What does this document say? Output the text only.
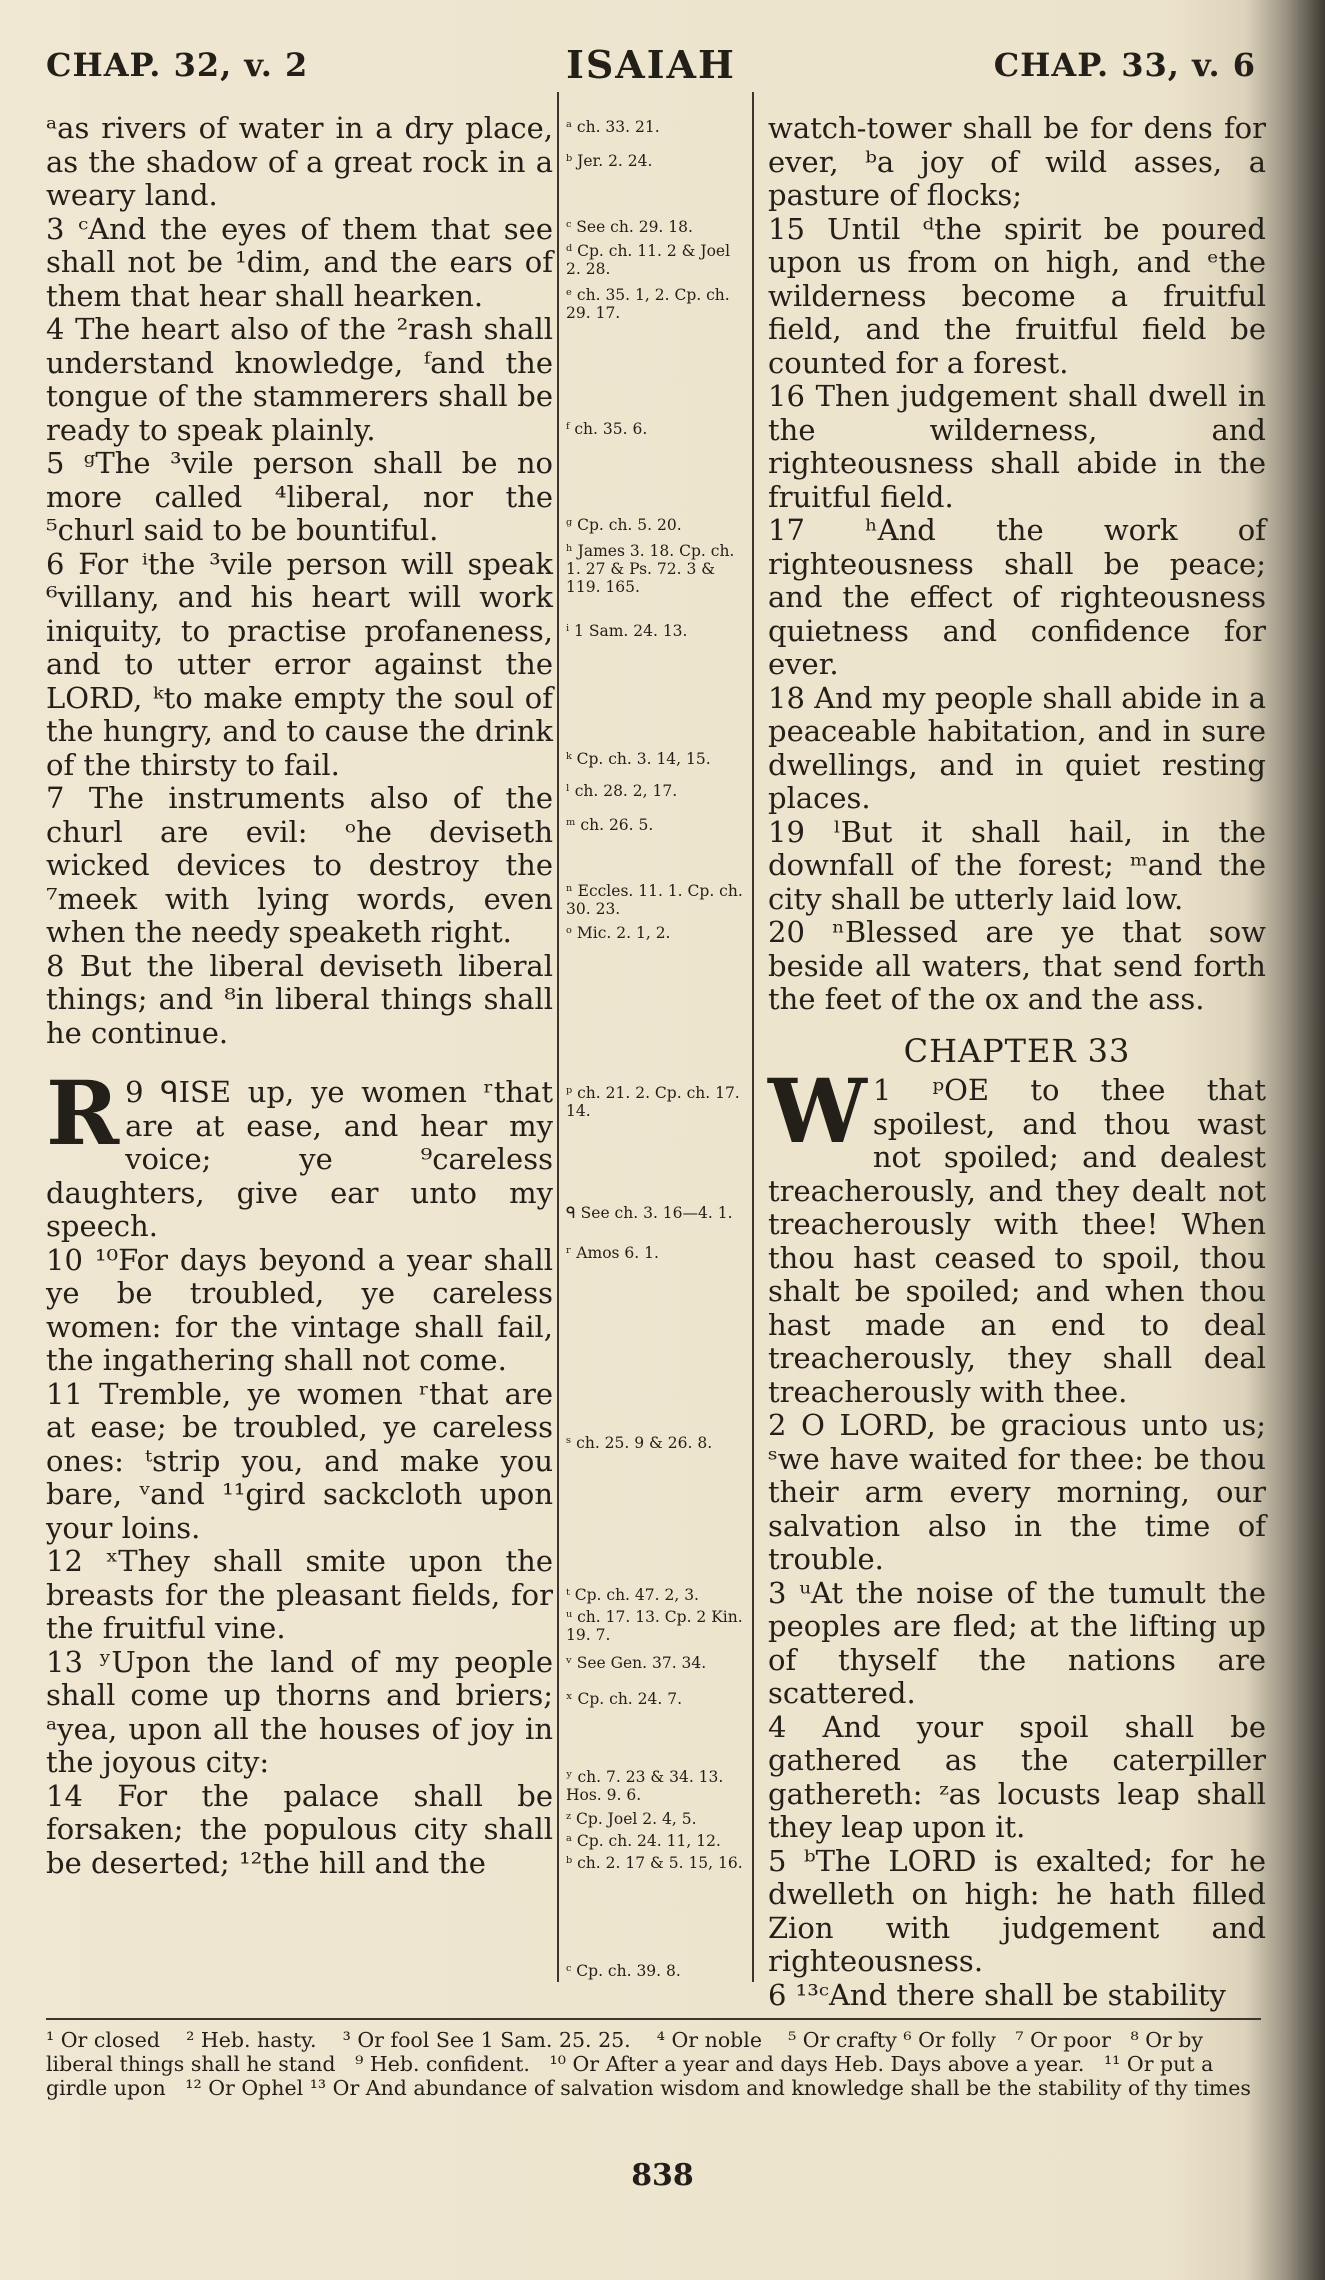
CHAP. 32, v. 2	ISAIAH	CHAP. 33, v. 6

ᵃas rivers of water in a dry place, as the shadow of a great rock in a weary land.

3 ᶜAnd the eyes of them that see shall not be ¹dim, and the ears of them that hear shall hearken.

4 The heart also of the ²rash shall understand knowledge, ᶠand the tongue of the stammerers shall be ready to speak plainly.

5 ᵍThe ³vile person shall be no more called ⁴liberal, nor the ⁵churl said to be bountiful.

6 For ⁱthe ³vile person will speak ⁶villany, and his heart will work iniquity, to practise profaneness, and to utter error against the LORD, ᵏto make empty the soul of the hungry, and to cause the drink of the thirsty to fail.

7 The instruments also of the churl are evil: ᵒhe deviseth wicked devices to destroy the ⁷meek with lying words, even when the needy speaketh right.

8 But the liberal deviseth liberal things; and ⁸in liberal things shall he continue.

9 ᑫ
R ISE up, ye women ʳthat are at ease, and hear my voice; ye ⁹careless daughters, give ear unto my speech.

10 ¹⁰For days beyond a year shall ye be troubled, ye careless women: for the vintage shall fail, the ingathering shall not come.

11 Tremble, ye women ʳthat are at ease; be troubled, ye careless ones: ᵗstrip you, and make you bare, ᵛand ¹¹gird sackcloth upon your loins.

12 ˣThey shall smite upon the breasts for the pleasant fields, for the fruitful vine.

13 ʸUpon the land of my people shall come up thorns and briers; ᵃyea, upon all the houses of joy in the joyous city:

14 For the palace shall be forsaken; the populous city shall be deserted; ¹²the hill and the

ᵃ ch. 33. 21.
ᵇ Jer. 2. 24.
ᶜ See ch. 29. 18.
ᵈ Cp. ch. 11. 2 & Joel 2. 28.
ᵉ ch. 35. 1, 2. Cp. ch. 29. 17.
ᶠ ch. 35. 6.
ᵍ Cp. ch. 5. 20.
ʰ James 3. 18. Cp. ch. 1. 27 & Ps. 72. 3 & 119. 165.
ⁱ 1 Sam. 24. 13.
ᵏ Cp. ch. 3. 14, 15.
ˡ ch. 28. 2, 17.
ᵐ ch. 26. 5.
ⁿ Eccles. 11. 1. Cp. ch. 30. 23.
ᵒ Mic. 2. 1, 2.
ᵖ ch. 21. 2. Cp. ch. 17. 14.
ᑫ See ch. 3. 16—4. 1.
ʳ Amos 6. 1.
ˢ ch. 25. 9 & 26. 8.
ᵗ Cp. ch. 47. 2, 3.
ᵘ ch. 17. 13. Cp. 2 Kin. 19. 7.
ᵛ See Gen. 37. 34.
ˣ Cp. ch. 24. 7.
ʸ ch. 7. 23 & 34. 13. Hos. 9. 6.
ᶻ Cp. Joel 2. 4, 5.
ᵃ Cp. ch. 24. 11, 12.
ᵇ ch. 2. 17 & 5. 15, 16.
ᶜ Cp. ch. 39. 8.

watch-tower shall be for dens for ever, ᵇa joy of wild asses, a pasture of flocks;

15 Until ᵈthe spirit be poured upon us from on high, and ᵉthe wilderness become a fruitful field, and the fruitful field be counted for a forest.

16 Then judgement shall dwell in the wilderness, and righteousness shall abide in the fruitful field.

17 ʰAnd the work of righteousness shall be peace; and the effect of righteousness quietness and confidence for ever.

18 And my people shall abide in a peaceable habitation, and in sure dwellings, and in quiet resting places.

19 ˡBut it shall hail, in the downfall of the forest; ᵐand the city shall be utterly laid low.

20 ⁿBlessed are ye that sow beside all waters, that send forth the feet of the ox and the ass.

CHAPTER 33

1 ᵖ
W	OE to thee that spoilest, and thou wast not spoiled; and dealest treacherously, and they dealt not treacherously with thee! When thou hast ceased to spoil, thou shalt be spoiled; and when thou hast made an end to deal treacherously, they shall deal treacherously with thee.

2 O LORD, be gracious unto us; ˢwe have waited for thee: be thou their arm every morning, our salvation also in the time of trouble.

3 ᵘAt the noise of the tumult the peoples are fled; at the lifting up of thyself the nations are scattered.

4 And your spoil shall be gathered as the caterpiller gathereth: ᶻas locusts leap shall they leap upon it.

5 ᵇThe LORD is exalted; for he dwelleth on high: he hath filled Zion with judgement and righteousness.

6 ¹³ᶜAnd there shall be stability

¹ Or closed ² Heb. hasty. ³ Or fool See 1 Sam. 25. 25. ⁴ Or noble ⁵ Or crafty ⁶ Or folly ⁷ Or poor ⁸ Or by liberal things shall he stand ⁹ Heb. confident. ¹⁰ Or After a year and days Heb. Days above a year. ¹¹ Or put a girdle upon ¹² Or Ophel ¹³ Or And abundance of salvation wisdom and knowledge shall be the stability of thy times
838
